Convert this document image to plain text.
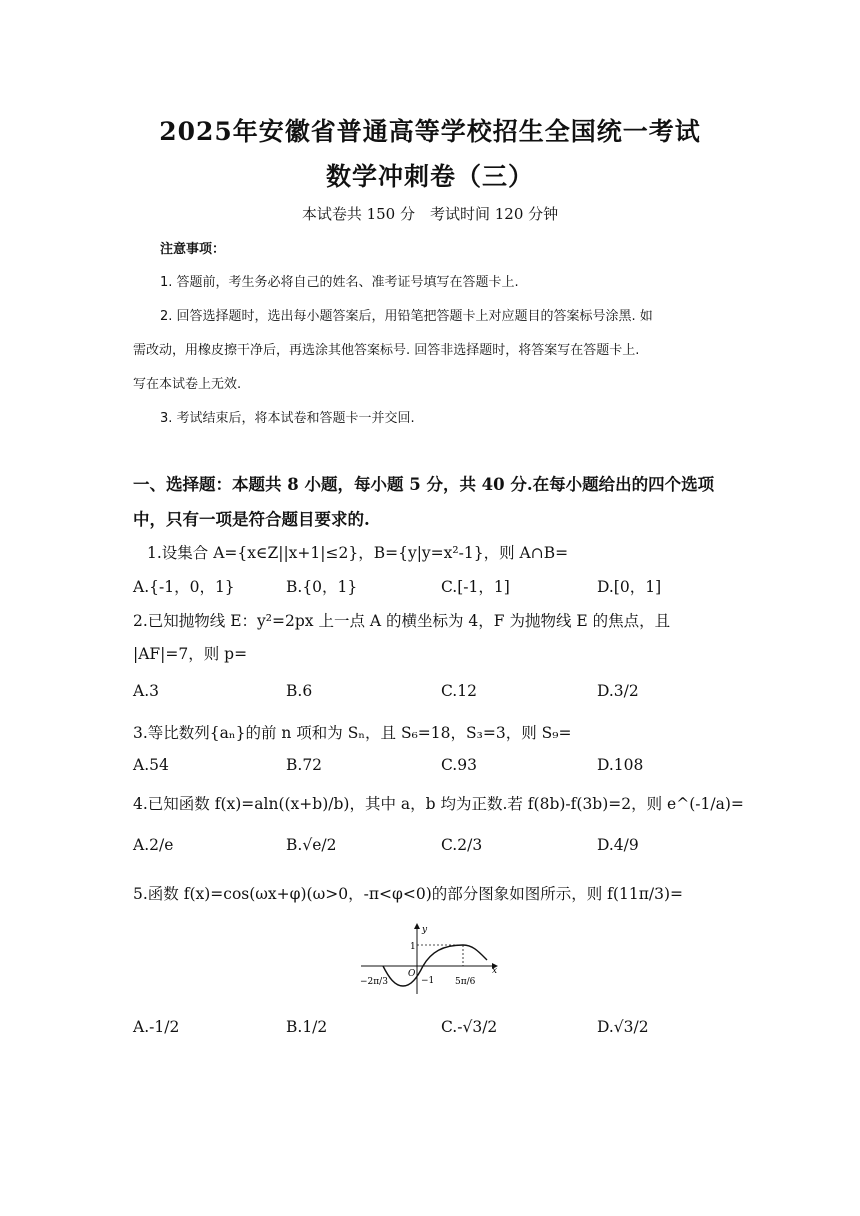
2025年安徽省普通高等学校招生全国统一考试
数学冲刺卷（三）
本试卷共 150 分　考试时间 120 分钟
注意事项：
1. 答题前，考生务必将自己的姓名、准考证号填写在答题卡上.
2. 回答选择题时，选出每小题答案后，用铅笔把答题卡上对应题目的答案标号涂黑. 如
需改动，用橡皮擦干净后，再选涂其他答案标号. 回答非选择题时，将答案写在答题卡上.
写在本试卷上无效.
3. 考试结束后，将本试卷和答题卡一并交回.
一、选择题：本题共 8 小题，每小题 5 分，共 40 分.在每小题给出的四个选项
中，只有一项是符合题目要求的.
1.设集合 A={x∈Z||x+1|≤2}，B={y|y=x²-1}，则 A∩B=
A.{-1，0，1}	B.{0，1}	C.[-1，1]	D.[0，1]
2.已知抛物线 E：y²=2px 上一点 A 的横坐标为 4，F 为抛物线 E 的焦点，且
|AF|=7，则 p=
A.3	B.6	C.12	D.3/2
3.等比数列{aₙ}的前 n 项和为 Sₙ，且 S₆=18，S₃=3，则 S₉=
A.54	B.72	C.93	D.108
4.已知函数 f(x)=aln((x+b)/b)，其中 a，b 均为正数.若 f(8b)-f(3b)=2，则 e^(-1/a)=
A.2/e	B.√e/2	C.2/3	D.4/9
5.函数 f(x)=cos(ωx+φ)(ω>0，-π<φ<0)的部分图象如图所示，则 f(11π/3)=
y
x
O
1
−1
−2π/3	5π/6
A.-1/2	B.1/2	C.-√3/2	D.√3/2
